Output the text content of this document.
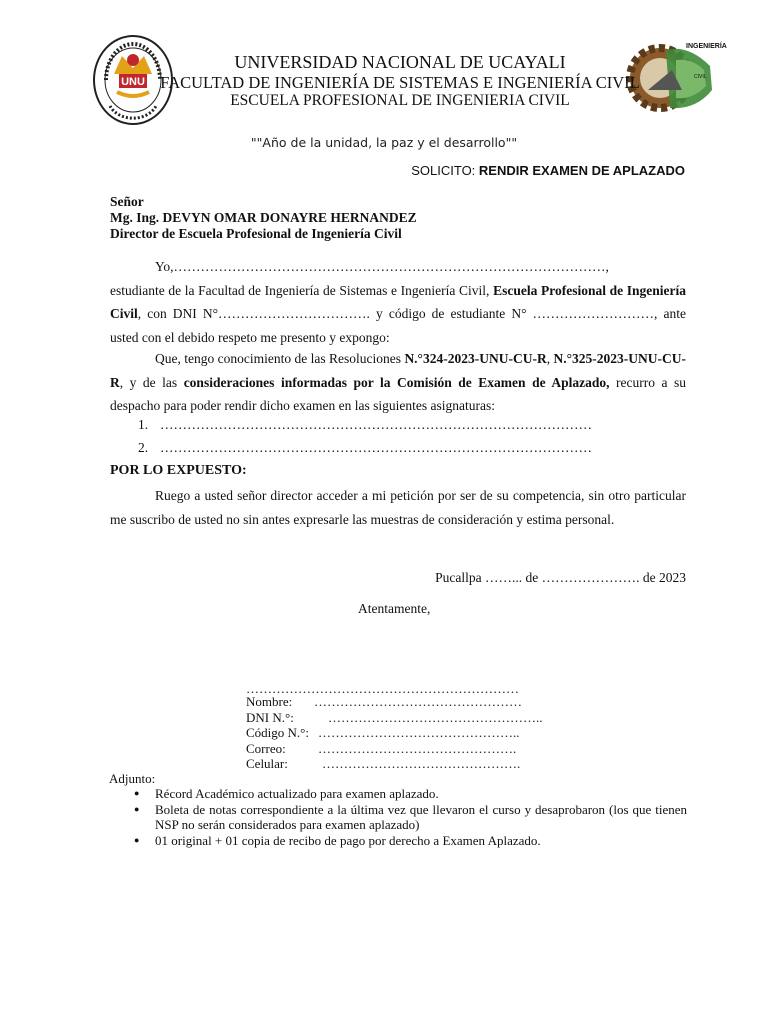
UNU
INGENIERÍA
CIVIL
UNIVERSIDAD NACIONAL DE UCAYALI
FACULTAD DE INGENIERÍA DE SISTEMAS E INGENIERÍA CIVIL
ESCUELA PROFESIONAL DE INGENIERIA CIVIL
""Año de la unidad, la paz y el desarrollo""
SOLICITO: RENDIR EXAMEN DE APLAZADO
Señor
Mg. Ing. DEVYN OMAR DONAYRE HERNANDEZ
Director de Escuela Profesional de Ingeniería Civil
Yo,……………………………………………………………………………………,
estudiante de la Facultad de Ingeniería de Sistemas e Ingeniería Civil, Escuela Profesional de Ingeniería Civil, con DNI N°……………………………. y código de estudiante N° ………………………, ante usted con el debido respeto me presento y expongo:
Que, tengo conocimiento de las Resoluciones N.°324-2023-UNU-CU-R, N.°325-2023-UNU-CU-R, y de las consideraciones informadas por la Comisión de Examen de Aplazado, recurro a su despacho para poder rendir dicho examen en las siguientes asignaturas:
1. ……………………………………………………………………………………
2. ……………………………………………………………………………………
POR LO EXPUESTO:
Ruego a usted señor director acceder a mi petición por ser de su competencia, sin otro particular me suscribo de usted no sin antes expresarle las muestras de consideración y estima personal.
Pucallpa ……... de …………………. de 2023
Atentamente,
………………………………………………………
Nombre: …………………………………………
DNI N.°:	…………………………………………..
Código N.°: ………………………………………..
Correo: ……………………………………….
Celular:	……………………………………….
Adjunto:
● Récord Académico actualizado para examen aplazado.
● Boleta de notas correspondiente a la última vez que llevaron el curso y desaprobaron (los que tienen NSP no serán considerados para examen aplazado)
● 01 original + 01 copia de recibo de pago por derecho a Examen Aplazado.
